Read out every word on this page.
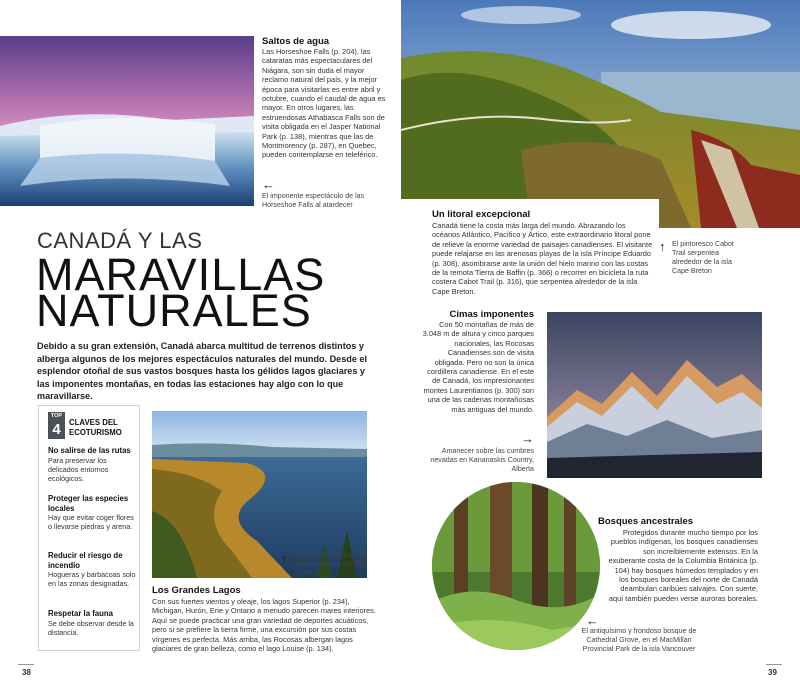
Saltos de agua
Las Horseshoe Falls (p. 204), las cataratas más espectaculares del Niágara, son sin duda el mayor reclamo natural del país, y la mejor época para visitarlas es entre abril y octubre, cuando el caudal de agua es mayor. En otros lugares, las estruendosas Athabasca Falls son de visita obligada en el Jasper National Park (p. 138), mientras que las de Montmorency (p. 287), en Quebec, pueden contemplarse en teleférico.
←
El imponente espectáculo de las Horseshoe Falls al atardecer
CANADÁ Y LAS
MARAVILLAS
NATURALES
Debido a su gran extensión, Canadá abarca multitud de terrenos distintos y alberga algunos de los mejores espectáculos naturales del mundo. Desde el esplendor otoñal de sus vastos bosques hasta los gélidos lagos glaciares y las imponentes montañas, en todas las estaciones hay algo con lo que maravillarse.
TOP
4	CLAVES DEL ECOTURISMO
No salirse de las rutas
Para preservar los delicados entornos ecológicos.
Proteger las especies locales
Hay que evitar coger flores o llevarse piedras y arena.
Reducir el riesgo de incendio
Hogueras y barbacoas solo en las zonas designadas.
Respetar la fauna
Se debe observar desde la distancia.
↑ Colores de otoño en la costa arbolada del lago Superior
Los Grandes Lagos
Con sus fuertes vientos y oleaje, los lagos Superior (p. 234), Michigan, Hurón, Erie y Ontario a menudo parecen mares interiores. Aquí se puede practicar una gran variedad de deportes acuáticos, pero si se prefiere la tierra firme, una excursión por sus costas vírgenes es perfecta. Más arriba, las Rocosas albergan lagos glaciares de gran belleza, como el lago Louise (p. 134).
38
Un litoral excepcional
Canadá tiene la costa más larga del mundo. Abrazando los océanos Atlántico, Pacífico y Ártico, este extraordinario litoral pone de relieve la enorme variedad de paisajes canadienses. El visitante puede relajarse en las arenosas playas de la isla Príncipe Eduardo (p. 308), asombrarse ante la unión del hielo marino con las costas de la remota Tierra de Baffin (p. 366) o recorrer en bicicleta la ruta costera Cabot Trail (p. 316), que serpentea alrededor de la isla Cape Breton.
↑ El pintoresco Cabot Trail serpentea alrededor de la isla Cape Breton
Cimas imponentes
Con 50 montañas de más de 3.048 m de altura y cinco parques nacionales, las Rocosas Canadienses son de visita obligada. Pero no son la única cordillera canadiense. En el este de Canadá, los impresionantes montes Laurentianos (p. 300) son una de las cadenas montañosas más antiguas del mundo.
→
Amanecer sobre las cumbres nevadas en Kananaskis Country, Alberta
Bosques ancestrales
Protegidos durante mucho tiempo por los pueblos indígenas, los bosques canadienses son increíblemente extensos. En la exuberante costa de la Columbia Británica (p. 104) hay bosques húmedos templados y en los bosques boreales del norte de Canadá deambulan caribúes salvajes. Con suerte, aquí también pueden verse auroras boreales.
←
El antiquísimo y frondoso bosque de Cathedral Grove, en el MacMillan Provincial Park de la isla Vancouver
39
